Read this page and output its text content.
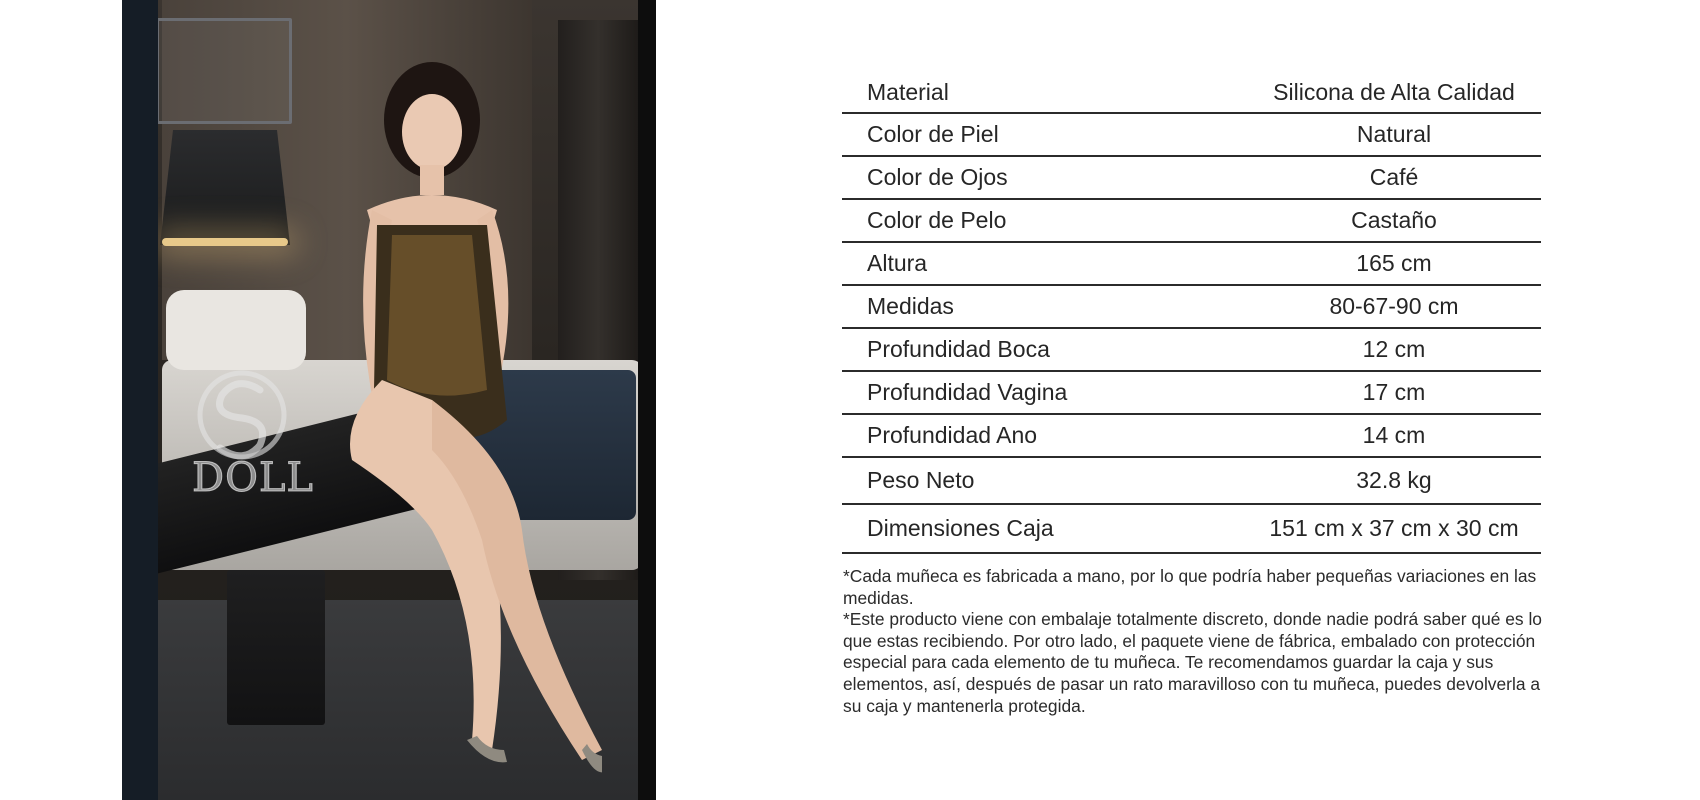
DOLL
Material	Silicona de Alta Calidad
Color de Piel	Natural
Color de Ojos	Café
Color de Pelo	Castaño
Altura	165 cm
Medidas	80-67-90 cm
Profundidad Boca	12 cm
Profundidad Vagina	17 cm
Profundidad Ano	14 cm
Peso Neto	32.8 kg
Dimensiones Caja	151 cm x 37 cm x 30 cm

*Cada muñeca es fabricada a mano, por lo que podría haber pequeñas variaciones en las medidas.

*Este producto viene con embalaje totalmente discreto, donde nadie podrá saber qué es lo que estas recibiendo. Por otro lado, el paquete viene de fábrica, embalado con protección especial para cada elemento de tu muñeca. Te recomendamos guardar la caja y sus elementos, así, después de pasar un rato maravilloso con tu muñeca, puedes devolverla a su caja y mantenerla protegida.
